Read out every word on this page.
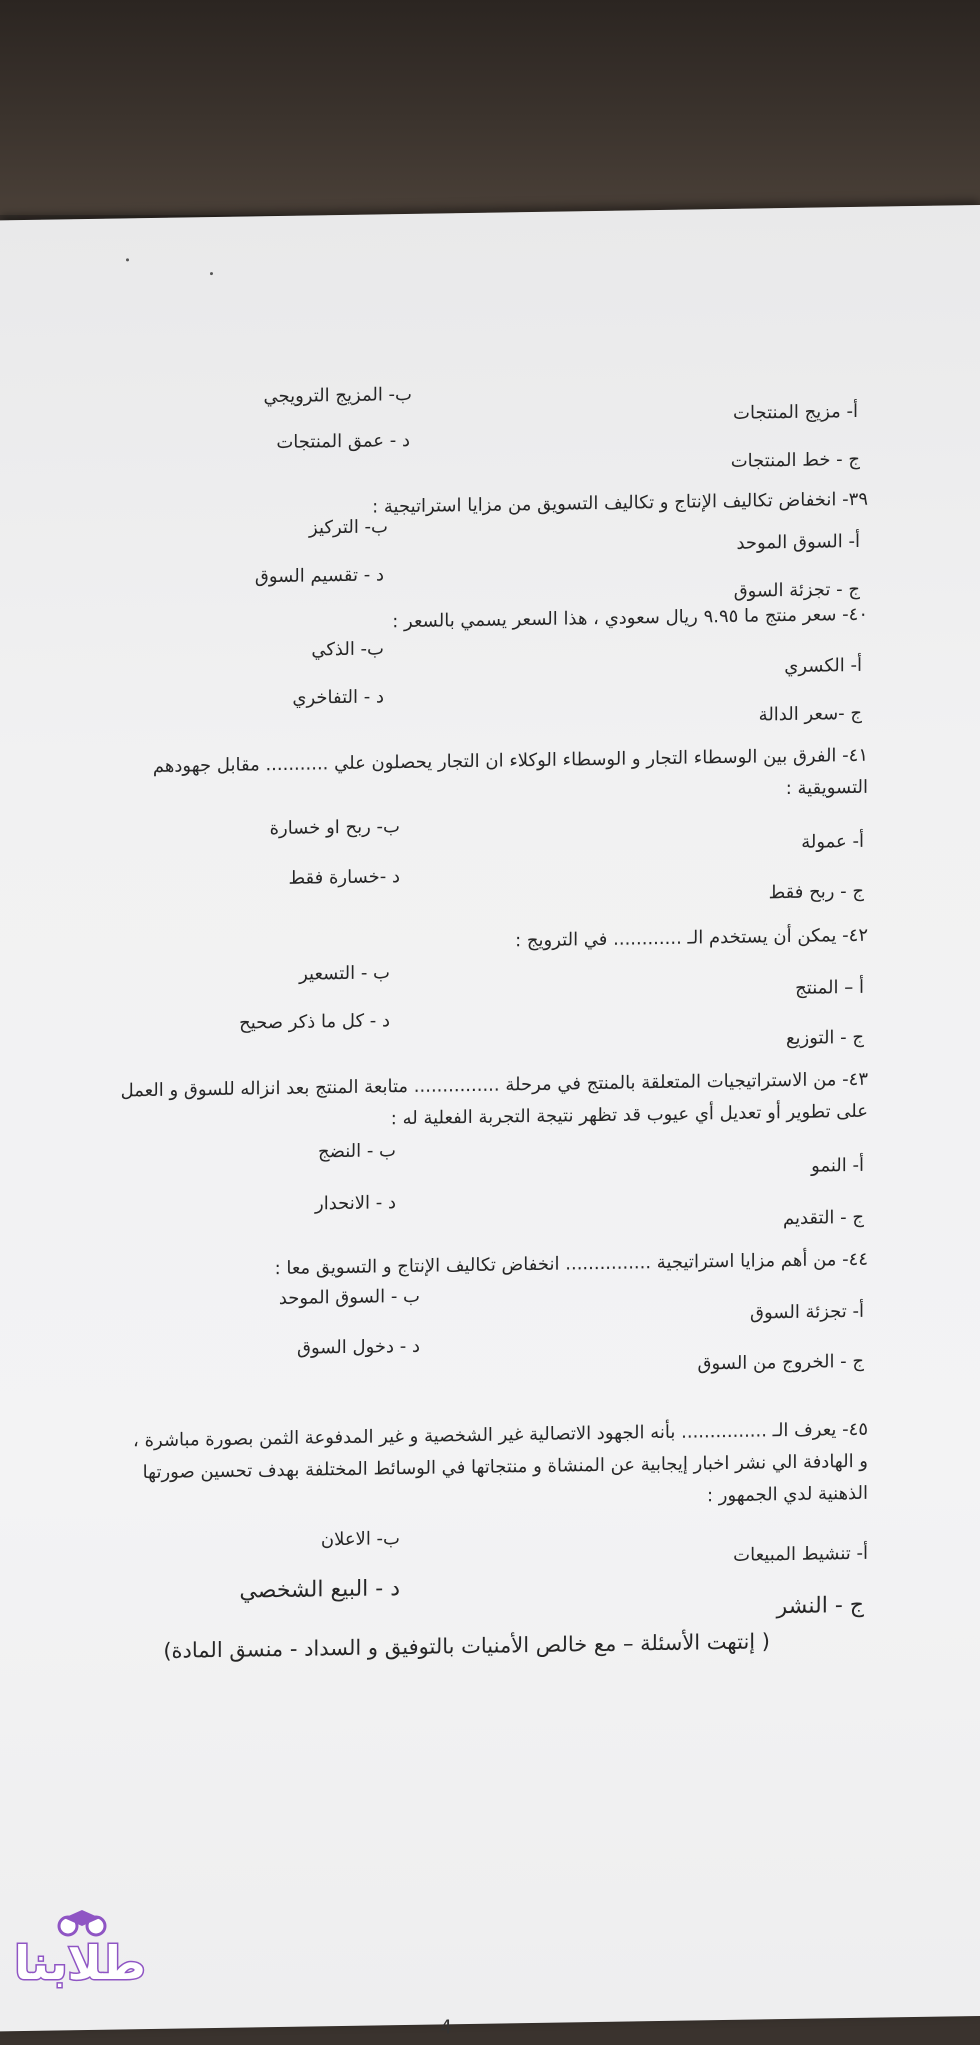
أ- مزيج المنتجات
ب- المزيج الترويجي
ج - خط المنتجات
د - عمق المنتجات
٣٩- انخفاض تكاليف الإنتاج و تكاليف التسويق من مزايا استراتيجية :
أ- السوق الموحد
ب- التركيز
ج - تجزئة السوق
د - تقسيم السوق
٤٠- سعر منتج ما ٩.٩٥ ريال سعودي ، هذا السعر يسمي بالسعر :
أ- الكسري
ب- الذكي
ج -سعر الدالة
د - التفاخري
٤١- الفرق بين الوسطاء التجار و الوسطاء الوكلاء ان التجار يحصلون علي ........... مقابل جهودهم
التسويقية :
أ- عمولة
ب- ربح او خسارة
ج - ربح فقط
د -خسارة فقط
٤٢- يمكن أن يستخدم الـ ............ في الترويج :
أ – المنتج
ب - التسعير
ج - التوزيع
د - كل ما ذكر صحيح
٤٣- من الاستراتيجيات المتعلقة بالمنتج في مرحلة ............... متابعة المنتج بعد انزاله للسوق و العمل
على تطوير أو تعديل أي عيوب قد تظهر نتيجة التجربة الفعلية له :
أ- النمو
ب - النضج
ج - التقديم
د - الانحدار
٤٤- من أهم مزايا استراتيجية ............... انخفاض تكاليف الإنتاج و التسويق معا :
أ- تجزئة السوق
ب - السوق الموحد
ج - الخروج من السوق
د - دخول السوق
٤٥- يعرف الـ ............... بأنه الجهود الاتصالية غير الشخصية و غير المدفوعة الثمن بصورة مباشرة ،
و الهادفة الي نشر اخبار إيجابية عن المنشاة و منتجاتها في الوسائط المختلفة بهدف تحسين صورتها
الذهنية لدي الجمهور :
أ- تنشيط المبيعات
ب- الاعلان
ج - النشر
د - البيع الشخصي
( إنتهت الأسئلة – مع خالص الأمنيات بالتوفيق و السداد - منسق المادة)
4
طلابنا
